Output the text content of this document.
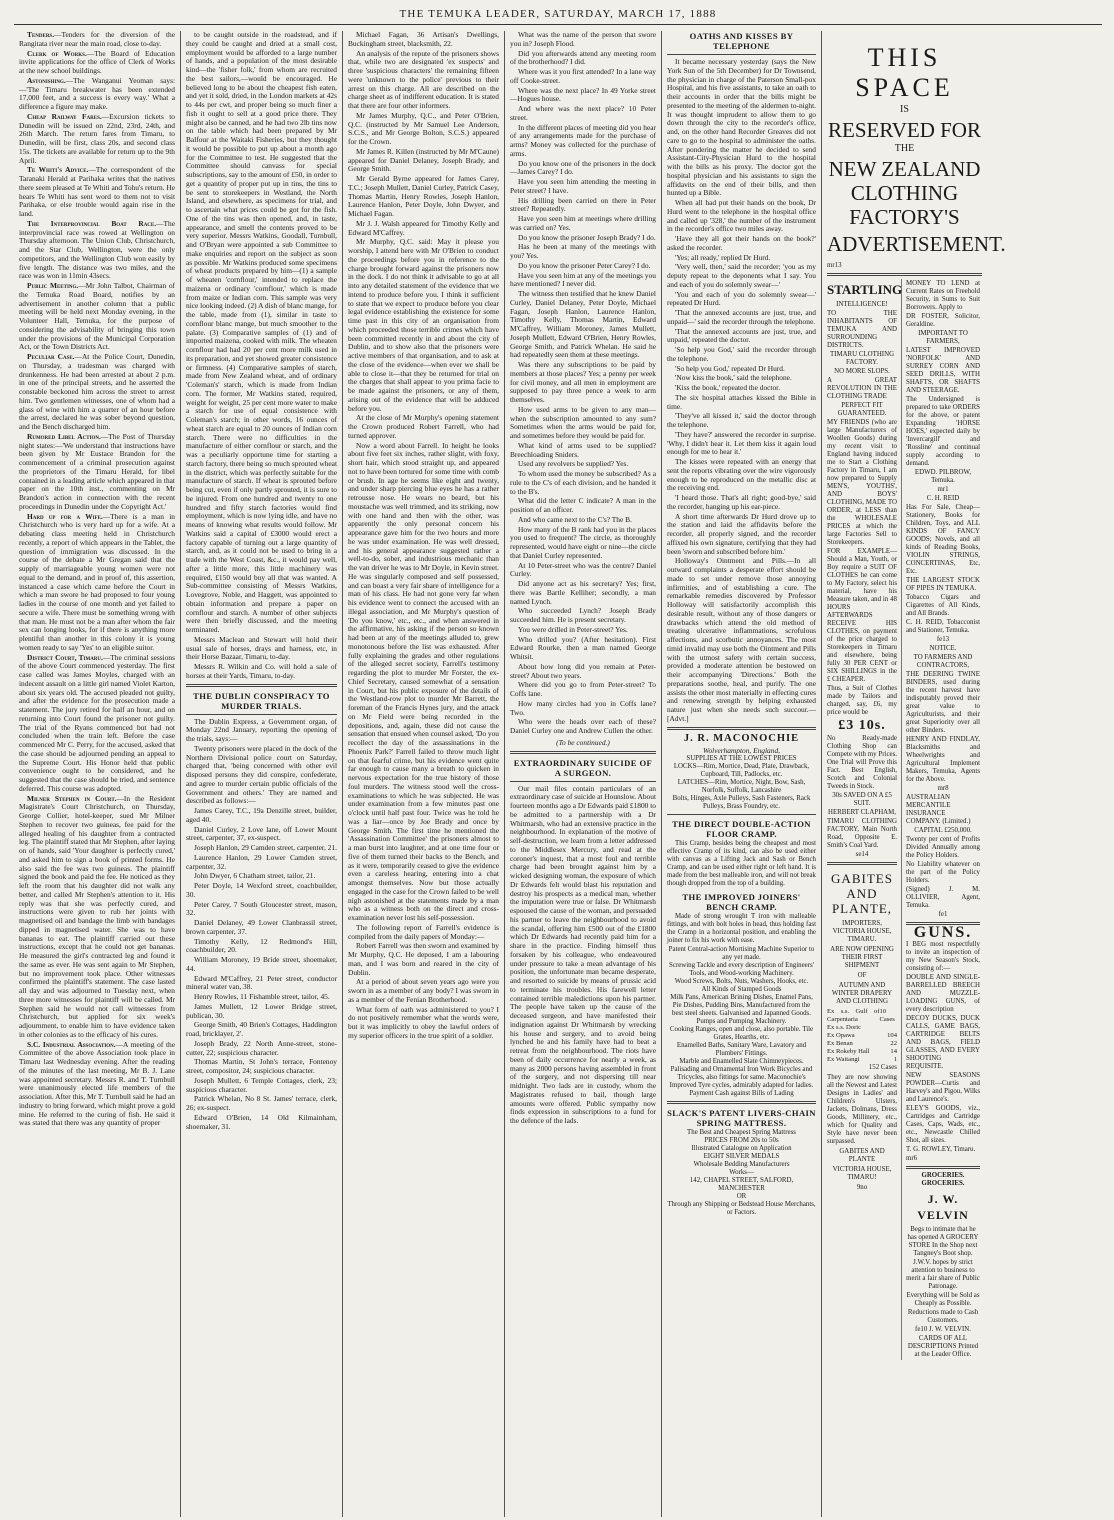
THE TEMUKA LEADER, SATURDAY, MARCH 17, 1888

Tenders.—Tenders for the diversion of the Rangitata river near the main road, close to-day.

Clerk of Works.—The Board of Education invite applications for the office of Clerk of Works at the new school buildings.

Astonishing.—The Wanganui Yeoman says:—'The Timaru breakwater has been extended 17,000 feet, and a success is every way.' What a difference a figure may make.

Cheap Railway Fares.—Excursion tickets to Dunedin will be issued on 22nd, 23rd, 24th, and 26th March. The return fares from Timaru, to Dunedin, will be first, class 20s, and second class 15s. The tickets are available for return up to the 9th April.

Te Whiti's Advice.—The correspondent of the Taranaki Herald at Parihaka writes that the natives there seem pleased at Te Whiti and Tohu's return. He hears Te Whiti has sent word to them not to visit Parihaka, or else trouble would again rise in the land.

The Interprovincial Boat Race.—The interprovincial race was rowed at Wellington on Thursday afternoon. The Union Club, Christchurch, and the Star Club, Wellington, were the only competitors, and the Wellington Club won easily by five length. The distance was two miles, and the race was won in 11min 43secs.

Public Meeting.—Mr John Talbot, Chairman of the Temuka Road Board, notifies by an advertisement in another column that a public meeting will be held next Monday evening, in the Volunteer Hall, Temuka, for the purpose of considering the advisability of bringing this town under the provisions of the Municipal Corporation Act, or the Town Districts Act.

Peculiar Case.—At the Police Court, Dunedin, on Thursday, a tradesman was charged with drunkenness. He had been arrested at about 2 p.m. in one of the principal streets, and he asserted the constable beckoned him across the street to arrest him. Two gentlemen witnesses, one of whom had a glass of wine with him a quarter of an hour before the arrest, declared he was sober beyond question, and the Bench discharged him.

Rumored Libel Action.—The Post of Thursday night states:—'We understand that instructions have been given by Mr Eustace Brandon for the commencement of a criminal prosecution against the proprietors of the Timaru Herald, for libel contained in a leading article which appeared in that paper on the 10th inst., commenting on Mr Brandon's action in connection with the recent proceedings in Dunedin under the Copyright Act.'

Hard up for a Wife.—There is a man in Christchurch who is very hard up for a wife. At a debating class meeting held in Christchurch recently, a report of which appears in the Tablet, the question of immigration was discussed. In the course of the debate a Mr Gregan said that the supply of marriageable young women were not equal to the demand, and in proof of, this assertion, instanced a case which came before the Court in which a man swore he had proposed to four young ladies in the course of one month and yet failed to secure a wife. There must be something wrong with that man. He must not be a man after whom the fair sex can longing looks, for if there is anything more plentiful than another in this colony it is young women ready to say 'Yes' to an eligible suitor.

District Court, Timaru.—The criminal sessions of the above Court commenced yesterday. The first case called was James Moyles, charged with an indecent assault on a little girl named Violet Karton, about six years old. The accused pleaded not guilty, and after the evidence for the prosecution made a statement. The jury retired for half an hour, and on returning into Court found the prisoner not guilty. The trial of the Ryans commenced but had not concluded when the train left. Before the case commenced Mr C. Perry, for the accused, asked that the case should be adjourned pending an appeal to the Supreme Court. His Honor held that public convenience ought to be considered, and he suggested that the case should be tried, and sentence deferred. This course was adopted.

Milner Stephen in Court.—In the Resident Magistrate's Court Christchurch, on Thursday, George Collier, hotel-keeper, sued Mr Milner Stephen to recover two guineas, fee paid for the alleged healing of his daughter from a contracted leg. The plaintiff stated that Mr Stephen, after laying on of hands, said 'Your daughter is perfectly cured,' and asked him to sign a book of printed forms. He also said the fee was two guineas. The plaintiff signed the book and paid the fee. He noticed as they left the room that his daughter did not walk any better, and called Mr Stephen's attention to it. His reply was that she was perfectly cured, and instructions were given to rub her joints with magnetised oil and bandage the limb with bandages dipped in magnetised water. She was to have bananas to eat. The plaintiff carried out these instructions, except that he could not get bananas. He measured the girl's contracted leg and found it the same as ever. He was sent again to Mr Stephen, but no improvement took place. Other witnesses confirmed the plaintiff's statement. The case lasted all day and was adjourned to Tuesday next, when three more witnesses for plaintiff will be called. Mr Stephen said he would not call witnesses from Christchurch, but applied for six week's adjournment, to enable him to have evidence taken in other colonies as to the efficacy of his cures.

S.C. Industrial Association.—A meeting of the Committee of the above Association took place in Timaru last Wednesday evening. After the reading of the minutes of the last meeting, Mr B. J. Lane was appointed secretary. Messrs R. and T. Turnbull were unanimously elected life members of the association. After this, Mr T. Turnbull said he had an industry to bring forward, which might prove a gold mine. He referred to the curing of fish. He said it was stated that there was any quantity of proper

to be caught outside in the roadstead, and if they could be caught and dried at a small cost, employment would be afforded to a large number of hands, and a population of the most desirable kind—the 'fisher folk,' from whom are recruited the best sailors,—would be encouraged. He believed long to be about the cheapest fish eaten, and yet it sold, dried, in the London markets at 42s to 44s per cwt, and proper being so much finer a fish it ought to sell at a good price there. They might also be canned, and he had two 2lb tins now on the table which had been prepared by Mr Balfour at the Waitaki Fisheries, but they thought it would be possible to put up about a month ago for the Committee to test. He suggested that the Committee should canvass for special subscriptions, say to the amount of £50, in order to get a quantity of proper put up in tins, the tins to be sent to storekeepers in Westland, the North Island, and elsewhere, as specimens for trial, and to ascertain what prices could be got for the fish. One of the tins was then opened, and, in taste, appearance, and smell the contents proved to be very superior. Messrs Watkins, Goodall, Turnbull, and O'Bryan were appointed a sub Committee to make enquiries and report on the subject as soon as possible. Mr Watkins produced some specimens of wheat products prepared by him—(1) a sample of wheaten 'cornflour,' intended to replace the maizena or ordinary 'cornflour,' which is made from maize or Indian corn. This sample was very nice looking indeed. (2) A dish of blanc mange, for the table, made from (1), similar in taste to cornflour blanc mange, but much smoother to the palate. (3) Comparative samples of (1) and of imported maizena, cooked with milk. The wheaten cornflour had had 20 per cent more milk used in its preparation, and yet showed greater consistence or firmness. (4) Comparative samples of starch, made from New Zealand wheat, and of ordinary 'Coleman's' starch, which is made from Indian corn. The former, Mr Watkins stated, required, weight for weight, 25 per cent more water to make a starch for use of equal consistence with Coleman's starch; in other words, 16 ounces of wheat starch are equal to 20 ounces of Indian corn starch. There were no difficulties in the manufacture of either cornflour or starch, and the was a peculiarly opportune time for starting a starch factory, there being so much sprouted wheat in the district, which was perfectly suitable for the manufacture of starch. If wheat is sprouted before being cut, even if only partly sprouted, it is sure to be injured. From one hundred and twenty to one hundred and fifty starch factories would find employment, which is now lying idle, and have no means of knowing what results would follow. Mr Watkins said a capital of £3000 would erect a factory capable of turning out a large quantity of starch, and, as it could not be used to bring in a trade with the West Coast, &c., it would pay well, after a little more, this little machinery was required, £150 would buy all that was wanted. A Sub-committee consisting of Messrs Watkins, Lovegrove, Noble, and Haggett, was appointed to obtain information and prepare a paper on cornflour and starch. A number of other subjects were then briefly discussed, and the meeting terminated.

Messrs Maclean and Stewart will hold their usual sale of horses, drays and harness, etc, in their Horse Bazaar, Timaru, to-day.

Messrs R. Wilkin and Co. will hold a sale of horses at their Yards, Timaru, to-day.

THE DUBLIN CONSPIRACY TO MURDER TRIALS.

The Dublin Express, a Government organ, of Monday 22nd January, reporting the opening of the trials, says:—

Twenty prisoners were placed in the dock of the Northern Divisional police court on Saturday, charged that, 'being concerned with other evil disposed persons they did conspire, confederate, and agree to murder certain public officials of the Government and others.' They are named and described as follows:—

James Carey, T.C., 19a Denzille street, builder, aged 40.

Daniel Curley, 2 Love lane, off Lower Mount street, carpenter, 37, ex-suspect.

Joseph Hanlon, 29 Camden street, carpenter, 21.

Laurence Hanlon, 29 Lower Camden street, carpenter, 32.

John Dwyer, 6 Chatham street, tailor, 21.

Peter Doyle, 14 Wexford street, coachbuilder, 30.

Peter Carey, 7 South Gloucester street, mason, 32.

Daniel Delaney, 49 Lower Clanbrassil street, brown carpenter, 37.

Timothy Kelly, 12 Redmond's Hill, coachbuilder, 20.

William Moroney, 19 Bride street, shoemaker, 44.

Edward M'Caffrey, 21 Peter street, conductor mineral water van, 38.

Henry Rowles, 11 Fishamble street, tailor, 45.

James Mullett, 12 Lower Bridge street, publican, 30.

George Smith, 40 Brien's Cottages, Haddington road, bricklayer, 2'.

Joseph Brady, 22 North Anne-street, stone-cutter, 22; suspicious character.

Thomas Martin, St John's terrace, Fontenoy street, compositor, 24; suspicious character.

Joseph Mullett, 6 Temple Cottages, clerk, 23; suspicious character.

Patrick Whelan, No 8 St. James' terrace, clerk, 26; ex-suspect.

Edward O'Brien, 14 Old Kilmainham, shoemaker, 31.

Michael Fagan, 36 Artisan's Dwellings, Buckingham street, blacksmith, 22.

An analysis of the repute of the prisoners shows that, while two are designated 'ex suspects' and three 'suspicious characters' the remaining fifteen were 'unknown to the police' previous to their arrest on this charge. All are described on the charge sheet as of indifferent education. It is stated that there are four other informers.

Mr James Murphy, Q.C., and Peter O'Brien, Q.C. (instructed by Mr Samuel Lee Anderson, S.C.S., and Mr George Bolton, S.C.S.) appeared for the Crown.

Mr James R. Killen (instructed by Mr M'Caune) appeared for Daniel Delaney, Joseph Brady, and George Smith.

Mr Gerald Byrne appeared for James Carey, T.C.; Joseph Mullett, Daniel Curley, Patrick Casey, Thomas Martin, Henry Rowles, Joseph Hanlon, Laurence Hanlon, Peter Doyle, John Dwyer, and Michael Fagan.

Mr J. J. Walsh appeared for Timothy Kelly and Edward M'Caffrey.

Mr Murphy, Q.C. said: May it please you worship, I attend here with Mr O'Brien to conduct the proceedings before you in reference to the charge brought forward against the prisoners now in the dock. I do not think it advisable to go at all into any detailed statement of the evidence that we intend to produce before you. I think it sufficient to state that we expect to produce before you clear legal evidence establishing the existence for some time past in this city of an organisation from which proceeded those terrible crimes which have been committed recently in and about the city of Dublin, and to show also that the prisoners were active members of that organisation, and to ask at the close of the evidence—when ever we shall be able to close it—that they be returned for trial on the charges that shall appear to you prima facie to be made against the prisoners, or any of them, arising out of the evidence that will be adduced before you.

At the close of Mr Murphy's opening statement the Crown produced Robert Farrell, who had turned approver.

Now a word about Farrell. In height he looks about five feet six inches, rather slight, with foxy, short hair, which stood straight up, and appeared not to have been tortured for some time with comb or brush. In age he seems like eight and twenty, and under sharp piercing blue eyes he has a rather retrousse nose. He wears no beard, but his moustache was well trimmed, and its striking, now with one hand and then with the other, was apparently the only personal concern his appearance gave him for the two hours and more he was under examination. He was well dressed, and his general appearance suggested rather a well-to-do, sober, and industrious mechanic than the van driver he was to Mr Doyle, in Kevin street. He was singularly composed and self possessed, and can boast a very fair share of intelligence for a man of his class. He had not gone very far when his evidence went to connect the accused with an illegal association, and Mr Murphy's question of 'Do you know,' etc., etc., and when answered in the affirmative, his asking if the person so known had been at any of the meetings alluded to, grew monotonous before the list was exhausted. After fully explaining the grades and other regulations of the alleged secret society, Farrell's testimony regarding the plot to murder Mr Forster, the ex-Chief Secretary, caused somewhat of a sensation in Court, but his public exposure of the details of the Westland-row plot to murder Mr Barrett, the foreman of the Francis Hynes jury, and the attack on Mr Field were being recorded in the depositions, and, again, these did not cause the sensation that ensued when counsel asked, 'Do you recollect the day of the assassinations in the Phoenix Park?' Farrell failed to throw much light on that fearful crime, but his evidence went quite far enough to cause many a breath to quicken in nervous expectation for the true history of those foul murders. The witness stood well the cross-examinations to which he was subjected. He was under examination from a few minutes past one o'clock until half past four. Twice was he told he was a liar—once by Joe Brady and once by George Smith. The first time he mentioned the 'Assassination Committee' the prisoners almost to a man burst into laughter, and at one time four or five of them turned their backs to the Bench, and as it were, temporarily ceased to give the evidence even a careless hearing, entering into a chat amongst themselves. Now but those actually engaged in the case for the Crown failed to be well nigh astonished at the statements made by a man who as a witness both on the direct and cross-examination never lost his self-possession.

The following report of Farrell's evidence is compiled from the daily papers of Monday:—

Robert Farrell was then sworn and examined by Mr Murphy, Q.C. He deposed, I am a labouring man, and I was born and reared in the city of Dublin.

At a period of about seven years ago were you sworn in as a member of any body? I was sworn in as a member of the Fenian Brotherhood.

What form of oath was administered to you? I do not positively remember what the words were, but it was implicitly to obey the lawful orders of my superior officers in the true spirit of a soldier.

What was the name of the person that swore you in? Joseph Flood.

Did you afterwards attend any meeting room of the brotherhood? I did.

Where was it you first attended? In a lane way off Cooke-street.

Where was the next place? In 49 Yorke street—Hogues house.

And where was the next place? 10 Peter street.

In the different places of meeting did you hear of any arrangements made for the purchase of arms? Money was collected for the purchase of arms.

Do you know one of the prisoners in the dock—James Carey? I do.

Have you seen him attending the meeting in Peter street? I have.

His drilling been carried on there in Peter street? Repeatedly.

Have you seen him at meetings where drilling was carried on? Yes.

Do you know the prisoner Joseph Brady? I do.

Has he been at many of the meetings with you? Yes.

Do you know the prisoner Peter Carey? I do.

Have you seen him at any of the meetings you have mentioned? I never did.

The witness then testified that he knew Daniel Curley, Daniel Delaney, Peter Doyle, Michael Fagan, Joseph Hanlon, Laurence Hanlon, Timothy Kelly, Thomas Martin, Edward M'Caffrey, William Moroney, James Mullett, Joseph Mullett, Edward O'Brien, Henry Rowles, George Smith, and Patrick Whelan. He said he had repeatedly seen them at these meetings.

Was there any subscriptions to be paid by members at those places? Yes; a penny per week for civil money, and all men in employment are supposed to pay three pence a week to arm themselves.

How used arms to be given to any man—when the subscription amounted to any sum? Sometimes when the arms would be paid for, and sometimes before they would be paid for.

What kind of arms used to be supplied? Breechloading Sniders.

Used any revolvers be supplied? Yes.

To whom used the money be subscribed? As a rule to the C's of each division, and he handed it to the B's.

What did the letter C indicate? A man in the position of an officer.

And who came next to the C's? The B.

How many of the B rank had you in the places you used to frequent? The circle, as thoroughly represented, would have eight or nine—the circle that Daniel Curley represented.

At 10 Peter-street who was the centre? Daniel Curley.

Did anyone act as his secretary? Yes; first, there was Bartle Kelliher; secondly, a man named Lynch.

Who succeeded Lynch? Joseph Brady succeeded him. He is present secretary.

You were drilled in Peter-street? Yes.

Who drilled you? (After hesitation). First Edward Rourke, then a man named George Whitsit.

About how long did you remain at Peter-street? About two years.

Where did you go to from Peter-street? To Coffs lane.

How many circles had you in Coffs lane? Two.

Who were the heads over each of these? Daniel Curley one and Andrew Cullen the other.

(To be continued.)
EXTRAORDINARY SUICIDE OF A SURGEON.

Our mail files contain particulars of an extraordinary case of suicide at Hounslow. About fourteen months ago a Dr Edwards paid £1800 to be admitted to a partnership with a Dr Whitmarsh, who had an extensive practice in the neighbourhood. In explanation of the motive of self-destruction, we learn from a letter addressed to the Middlesex Mercury, and read at the coroner's inquest, that a most foul and terrible charge had been brought against him by a wicked designing woman, the exposure of which Dr Edwards felt would blast his reputation and destroy his prospects as a medical man, whether the imputation were true or false. Dr Whitmarsh espoused the cause of the woman, and persuaded his partner to leave the neighbourhood to avoid the scandal, offering him £500 out of the £1800 which Dr Edwards had recently paid him for a share in the practice. Finding himself thus forsaken by his colleague, who endeavoured under pressure to take a mean advantage of his position, the unfortunate man became desperate, and resorted to suicide by means of prussic acid to terminate his troubles. His farewell letter contained terrible maledictions upon his partner. The people have taken up the cause of the deceased surgeon, and have manifested their indignation against Dr Whitmarsh by wrecking his house and surgery, and to avoid being lynched he and his family have had to beat a retreat from the neighbourhood. The riots have been of daily occurrence for nearly a week, as many as 2000 persons having assembled in front of the surgery, and not dispersing till near midnight. Two lads are in custody, whom the Magistrates refused to bail, though large amounts were offered. Public sympathy now finds expression in subscriptions to a fund for the defence of the lads.

OATHS AND KISSES BY TELEPHONE

It became necessary yesterday (says the New York Sun of the 5th December) for Dr Townsend, the physician in charge of the Paterson Small-pox Hospital, and his five assistants, to take an oath to their accounts in order that the bills might be presented to the meeting of the aldermen to-night. It was thought imprudent to allow them to go down through the city to the recorder's office, and, on the other hand Recorder Greaves did not care to go to the hospital to administer the oaths. After pondering the matter he decided to send Assistant-City-Physician Hurd to the hospital with the bills as his proxy. The doctor got the hospital physician and his assistants to sign the affidavits on the end of their bills, and then hunted up a Bible.

When all had put their hands on the book, Dr Hurd went to the telephone in the hospital office and called up '328,' the number of the instrument in the recorder's office two miles away.

'Have they all got their hands on the book?' asked the recorder.

'Yes; all ready,' replied Dr Hurd.

'Very well, then,' said the recorder; 'you as my deputy repeat to the deponents what I say. You and each of you do solemnly swear—'

'You and each of you do solemnly swear—' repeated Dr Hurd.

'That the annexed accounts are just, true, and unpaid—' said the recorder through the telephone.

'That the annexed accounts are just, true, and unpaid,' repeated the doctor.

'So help you God,' said the recorder through the telephone.

'So help you God,' repeated Dr Hurd.

'Now kiss the book,' said the telephone.

'Kiss the book,' repeated the doctor.

The six hospital attaches kissed the Bible in time.

'They've all kissed it,' said the doctor through the telephone.

'They have?' answered the recorder in surprise. 'Why, I didn't hear it. Let them kiss it again loud enough for me to hear it.'

The kisses were repeated with an energy that sent the reports vibrating over the wire vigorously enough to be reproduced on the metallic disc at the receiving end.

'I heard those. That's all right; good-bye,' said the recorder, hanging up his ear-piece.

A short time afterwards Dr Hurd drove up to the station and laid the affidavits before the recorder, all properly signed, and the recorder affixed his own signature, certifying that they had been 'sworn and subscribed before him.'

Holloway's Ointment and Pills.—In all outward complaints a desperate effort should be made to set under remove those annoying infirmities, and of establishing a cure. The remarkable remedies discovered by Professor Holloway will satisfactorily accomplish this desirable result, without any of those dangers or drawbacks which attend the old method of treating ulcerative inflammations, scrofulous affections, and scorbutic annoyances. The most timid invalid may use both the Ointment and Pills with the utmost safety with certain success, provided a moderate attention be bestowed on their accompanying 'Directions.' Both the preparations soothe, heal, and purify. The one assists the other most materially in effecting cures and renewing strength by helping exhausted nature just when she needs such succour.—[Advt.]

J. R. MACONOCHIE
Wolverhampton, England,
SUPPLIES AT THE LOWEST PRICES
LOCKS—Rim, Mortice, Dead, Plate, Drawback, Cupboard, Till, Padlocks, etc.
LATCHES—Rim, Mortice, Night, Bow, Sash, Norfolk, Suffolk, Lancashire
Bolts, Hinges, Axle Pulleys, Sash Fasteners, Rack Pulleys, Brass Foundry, etc.
THE DIRECT DOUBLE-ACTION FLOOR CRAMP.

This Cramp, besides being the cheapest and most effective Cramp of its kind, can also be used either with canvas as a Lifting Jack and Sash or Bench Cramp, and can be used either right or left hand. It is made from the best malleable iron, and will not break though dropped from the top of a building.

THE IMPROVED JOINERS' BENCH CRAMP.

Made of strong wrought T iron with malleable fittings, and with bolt holes in head, thus holding fast the Cramp in a horizontal position, and enabling the joiner to fix his work with ease.

Patent Central-action Mortising Machine Superior to any yet made.
Screwing Tackle and every description of Engineers' Tools, and Wood-working Machinery.
Wood Screws, Bolts, Nuts, Washers, Hooks, etc.
All Kinds of Stamped Goods
Milk Pans, American Brining Dishes, Enamel Pans, Pie Dishes, Pudding Bins, Manufactured from the best steel sheets. Galvanised and Japanned Goods.
Pumps and Pumping Machinery.
Cooking Ranges, open and close, also portable. Tile Grates, Hearths, etc.
Enamelled Baths, Sanitary Ware, Lavatory and Plumbers' Fittings.
Marble and Enamelled Slate Chimneypieces.
Palisading and Ornamental Iron Work Bicycles and Tricycles, also fittings for same. Maconochie's Improved Tyre cycles, admirably adapted for ladies.
Payment Cash against Bills of Lading
SLACK'S PATENT LIVERS-CHAIN SPRING MATTRESS.
The Best and Cheapest Spring Mattress
PRICES FROM 20s to 50s
Illustrated Catalogue on Application
EIGHT SILVER MEDALS
Wholesale Bedding Manufacturers
Works—
142, CHAPEL STREET, SALFORD, MANCHESTER
OR
Through any Shipping or Bedstead House Merchants, or Factors.
THIS SPACE
IS
RESERVED FOR
THE
NEW ZEALAND CLOTHING FACTORY'S
ADVERTISEMENT.
mr13
STARTLING
INTELLIGENCE!
TO THE INHABITANTS OF TEMUKA AND SURROUNDING DISTRICTS.
TIMARU CLOTHING FACTORY.
NO MORE SLOPS.
A GREAT REVOLUTION IN THE CLOTHING TRADE
PERFECT FIT GUARANTEED.
MY FRIENDS (who are large Manufacturers of Woollen Goods) during my recent visit to England having induced me to Start a Clothing Factory in Timaru, I am now prepared to Supply MEN'S, YOUTHS', AND BOYS' CLOTHING, MADE TO ORDER, at LESS than the WHOLESALE PRICES at which the large Factories Sell to Storekeepers.
FOR EXAMPLE—Should a Man, Youth, or Boy require a SUIT OF CLOTHES he can come to My Factory, select his material, have his Measure taken, and in 48 HOURS AFTERWARDS RECEIVE HIS CLOTHES, on payment of the price charged to Storekeepers in Timaru and elsewhere, being fully 30 PER CENT or SIX SHILLINGS in the £ CHEAPER.
Thus, a Suit of Clothes made by Tailors and charged, say, £6, my price would be
£3 10s.
No Ready-made Clothing Shop can Compete with my Prices. One Trial will Prove this Fact. Best English, Scotch and Colonial Tweeds in Stock.
30s SAVED ON A £5 SUIT.
HERBERT CLAPHAM,
TIMARU CLOTHING FACTORY, Main North Road, Opposite E. Smith's Coal Yard.
se14
GABITES AND PLANTE,
IMPORTERS, VICTORIA HOUSE, TIMARU.
ARE NOW OPENING THEIR FIRST SHIPMENT
OF
AUTUMN AND WINTER DRAPERY AND CLOTHING
Ex s.s. Gulf of Carpentaria
10 Cases
Ex s.s. Doric
Ex Opawa	104
Ex Benan	22
Ex Rokeby Hall	14
Ex Waitangi	1
152 Cases
They are now showing all the Newest and Latest Designs in Ladies' and Children's Ulsters, Jackets, Dolmans, Dress Goods, Millinery, etc., which for Quality and Style have never been surpassed.
GABITES AND PLANTE
VICTORIA HOUSE, TIMARU!
9no
MONEY TO LEND at Current Rates on Freehold Security, in Sums to Suit Borrowers. Apply to
DR FOSTER, Solicitor, Geraldine.
IMPORTANT TO FARMERS,
LATEST IMPROVED 'NORFOLK' AND SURREY CORN AND SEED DRILLS, WITH SHAFTS, OR SHAFTS AND STEERAGE.
The Undersigned is prepared to take ORDERS for the above, or patent Expanding 'HORSE HOES,' expected daily by 'Invercargill' and 'Rossline' and continual supply according to demand.
EDWD. PILBROW, Temuka.
mr1
C. H. REID
Has For Sale, Cheap— Stationery, Books for Children, Toys, and ALL KINDS OF FANCY GOODS; Novels, and all kinds of Reading Books, VIOLIN STRINGS, CONCERTINAS, Etc, Etc.
THE LARGEST STOCK OF PIPES IN TEMUKA.
Tobacco Cigars and Cigarettes of All Kinds, and All Brands.
C. H. REID, Tobacconist and Stationer, Temuka.
fe13
NOTICE.
TO FARMERS AND CONTRACTORS,
THE DEERING TWINE BINDERS, used during the recent harvest have indisputably proved their great value to Agriculturists, and their great Superiority over all other Binders.
HENRY AND FINDLAY, Blacksmiths and Wheelwrights and Agricultural Implement Makers, Temuka, Agents for the Above.
mr8
AUSTRALIAN MERCANTILE INSURANCE COMPANY. (Limited.)
CAPITAL £250,000.
Twenty per cent of Profits Divided Annually among the Policy Holders.
No Liability whatever on the part of the Policy Holders.
(Signed) J. M. OLLIVIER, Agent, Temuka.
fe1
GUNS.
I BEG most respectfully to invite an inspection of my New Season's Stock, consisting of:—
DOUBLE AND SINGLE-BARRELLED BREECH AND MUZZLE-LOADING GUNS, of every description
DECOY DUCKS, DUCK CALLS, GAME BAGS, CARTRIDGE BELTS AND BAGS, FIELD GLASSES, AND EVERY SHOOTING REQUISITE.
NEW SEASONS POWDER—Curtis and Harvey's and Pigou, Wilks and Laurence's.
ELEY'S GOODS, viz., Cartridges and Cartridge Cases, Caps, Wads, etc., etc., Newcastle Chilled Shot, all sizes.
T. G. ROWLEY, Timaru.
mr6
GROCERIES. GROCERIES.
J. W. VELVIN
Begs to intimate that he has opened A GROCERY STORE In the Shop next Tangney's Boot shop.
J.W.V. hopes by strict attention to business to merit a fair share of Public Patronage.
Everything will be Sold as Cheaply as Possible.
Reductions made to Cash Customers.
fe10 J. W. VELVIN.
CARDS OF ALL DESCRIPTIONS Printed at the Leader Office.
